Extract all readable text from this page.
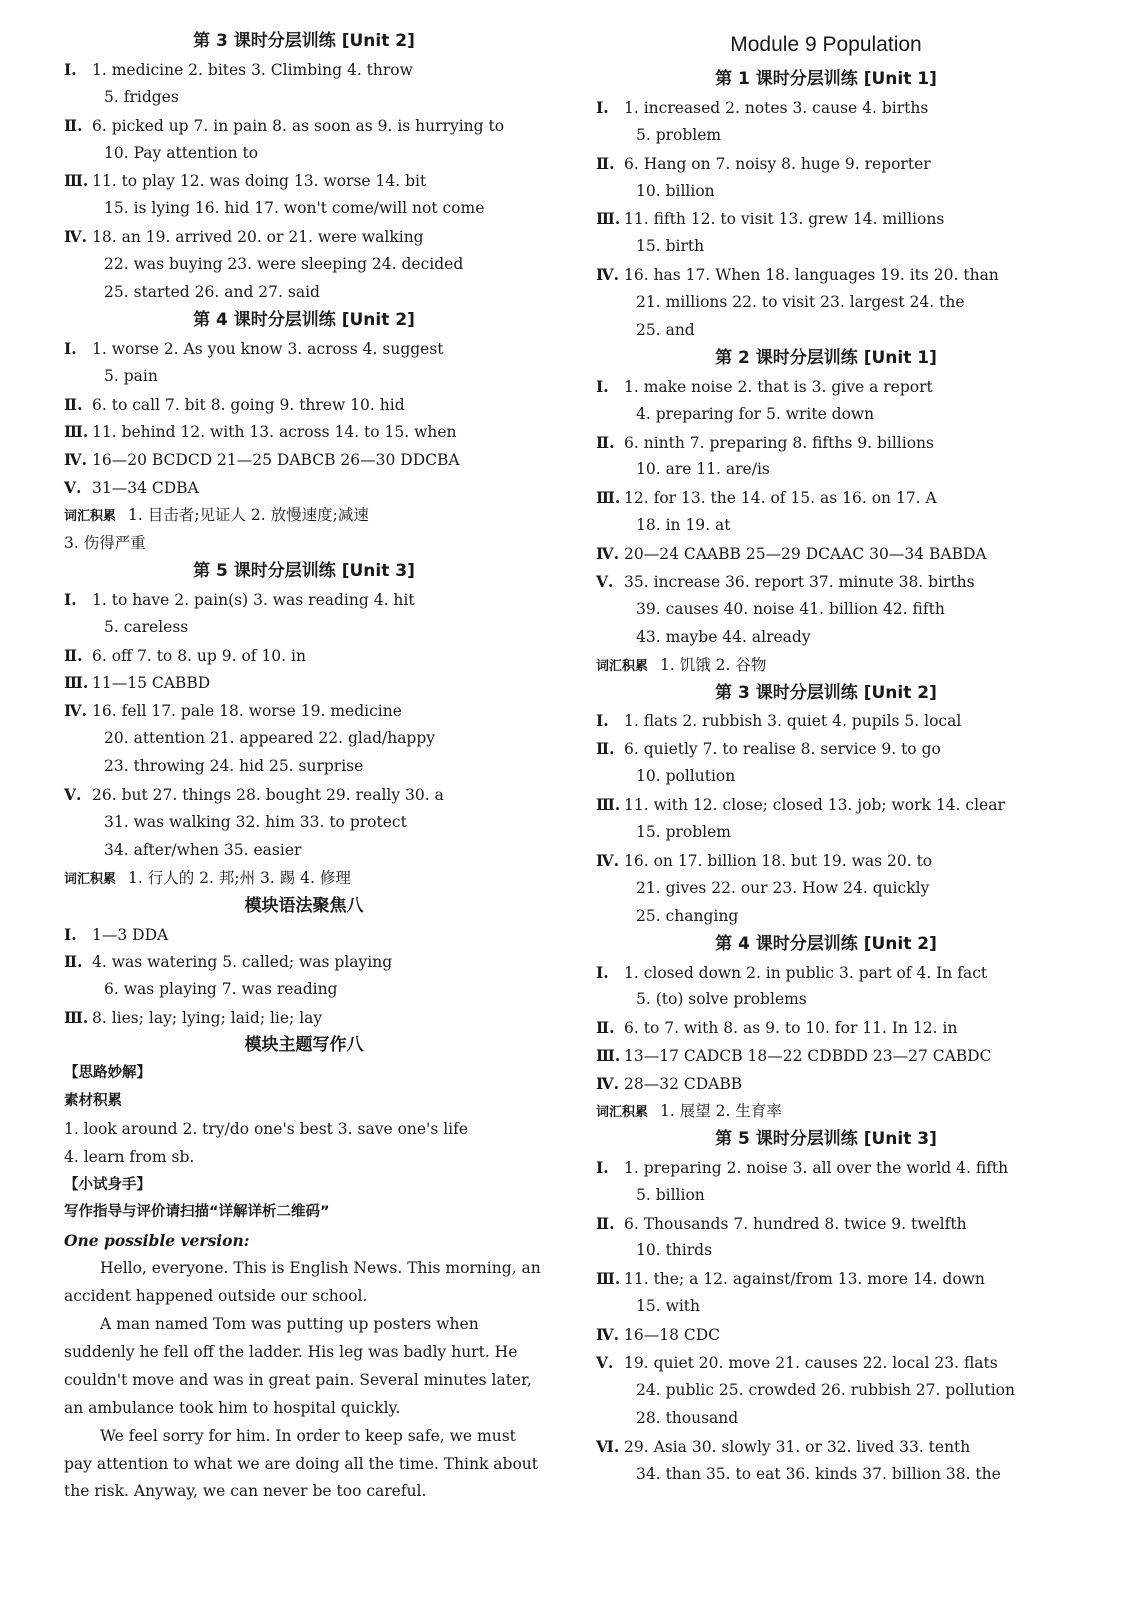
第 3 课时分层训练 [Unit 2]
Ⅰ. 1. medicine 2. bites 3. Climbing 4. throw
5. fridges
Ⅱ. 6. picked up 7. in pain 8. as soon as 9. is hurrying to
10. Pay attention to
Ⅲ. 11. to play 12. was doing 13. worse 14. bit
15. is lying 16. hid 17. won't come/will not come
Ⅳ. 18. an 19. arrived 20. or 21. were walking
22. was buying 23. were sleeping 24. decided
25. started 26. and 27. said
第 4 课时分层训练 [Unit 2]
Ⅰ. 1. worse 2. As you know 3. across 4. suggest
5. pain
Ⅱ. 6. to call 7. bit 8. going 9. threw 10. hid
Ⅲ. 11. behind 12. with 13. across 14. to 15. when
Ⅳ. 16—20 BCDCD 21—25 DABCB 26—30 DDCBA
Ⅴ. 31—34 CDBA
词汇积累 1. 目击者;见证人 2. 放慢速度;减速
3. 伤得严重
第 5 课时分层训练 [Unit 3]
Ⅰ. 1. to have 2. pain(s) 3. was reading 4. hit
5. careless
Ⅱ. 6. off 7. to 8. up 9. of 10. in
Ⅲ. 11—15 CABBD
Ⅳ. 16. fell 17. pale 18. worse 19. medicine
20. attention 21. appeared 22. glad/happy
23. throwing 24. hid 25. surprise
Ⅴ. 26. but 27. things 28. bought 29. really 30. a
31. was walking 32. him 33. to protect
34. after/when 35. easier
词汇积累 1. 行人的 2. 邦;州 3. 踢 4. 修理
模块语法聚焦八
Ⅰ. 1—3 DDA
Ⅱ. 4. was watering 5. called; was playing
6. was playing 7. was reading
Ⅲ. 8. lies; lay; lying; laid; lie; lay
模块主题写作八
【思路妙解】
素材积累
1. look around 2. try/do one's best 3. save one's life
4. learn from sb.
【小试身手】
写作指导与评价请扫描“详解详析二维码”
One possible version:

Hello, everyone. This is English News. This morning, an accident happened outside our school.

A man named Tom was putting up posters when suddenly he fell off the ladder. His leg was badly hurt. He couldn't move and was in great pain. Several minutes later, an ambulance took him to hospital quickly.

We feel sorry for him. In order to keep safe, we must pay attention to what we are doing all the time. Think about the risk. Anyway, we can never be too careful.

Module 9 Population
第 1 课时分层训练 [Unit 1]
Ⅰ. 1. increased 2. notes 3. cause 4. births
5. problem
Ⅱ. 6. Hang on 7. noisy 8. huge 9. reporter
10. billion
Ⅲ. 11. fifth 12. to visit 13. grew 14. millions
15. birth
Ⅳ. 16. has 17. When 18. languages 19. its 20. than
21. millions 22. to visit 23. largest 24. the
25. and
第 2 课时分层训练 [Unit 1]
Ⅰ. 1. make noise 2. that is 3. give a report
4. preparing for 5. write down
Ⅱ. 6. ninth 7. preparing 8. fifths 9. billions
10. are 11. are/is
Ⅲ. 12. for 13. the 14. of 15. as 16. on 17. A
18. in 19. at
Ⅳ. 20—24 CAABB 25—29 DCAAC 30—34 BABDA
Ⅴ. 35. increase 36. report 37. minute 38. births
39. causes 40. noise 41. billion 42. fifth
43. maybe 44. already
词汇积累 1. 饥饿 2. 谷物
第 3 课时分层训练 [Unit 2]
Ⅰ. 1. flats 2. rubbish 3. quiet 4. pupils 5. local
Ⅱ. 6. quietly 7. to realise 8. service 9. to go
10. pollution
Ⅲ. 11. with 12. close; closed 13. job; work 14. clear
15. problem
Ⅳ. 16. on 17. billion 18. but 19. was 20. to
21. gives 22. our 23. How 24. quickly
25. changing
第 4 课时分层训练 [Unit 2]
Ⅰ. 1. closed down 2. in public 3. part of 4. In fact
5. (to) solve problems
Ⅱ. 6. to 7. with 8. as 9. to 10. for 11. In 12. in
Ⅲ. 13—17 CADCB 18—22 CDBDD 23—27 CABDC
Ⅳ. 28—32 CDABB
词汇积累 1. 展望 2. 生育率
第 5 课时分层训练 [Unit 3]
Ⅰ. 1. preparing 2. noise 3. all over the world 4. fifth
5. billion
Ⅱ. 6. Thousands 7. hundred 8. twice 9. twelfth
10. thirds
Ⅲ. 11. the; a 12. against/from 13. more 14. down
15. with
Ⅳ. 16—18 CDC
Ⅴ. 19. quiet 20. move 21. causes 22. local 23. flats
24. public 25. crowded 26. rubbish 27. pollution
28. thousand
Ⅵ. 29. Asia 30. slowly 31. or 32. lived 33. tenth
34. than 35. to eat 36. kinds 37. billion 38. the
